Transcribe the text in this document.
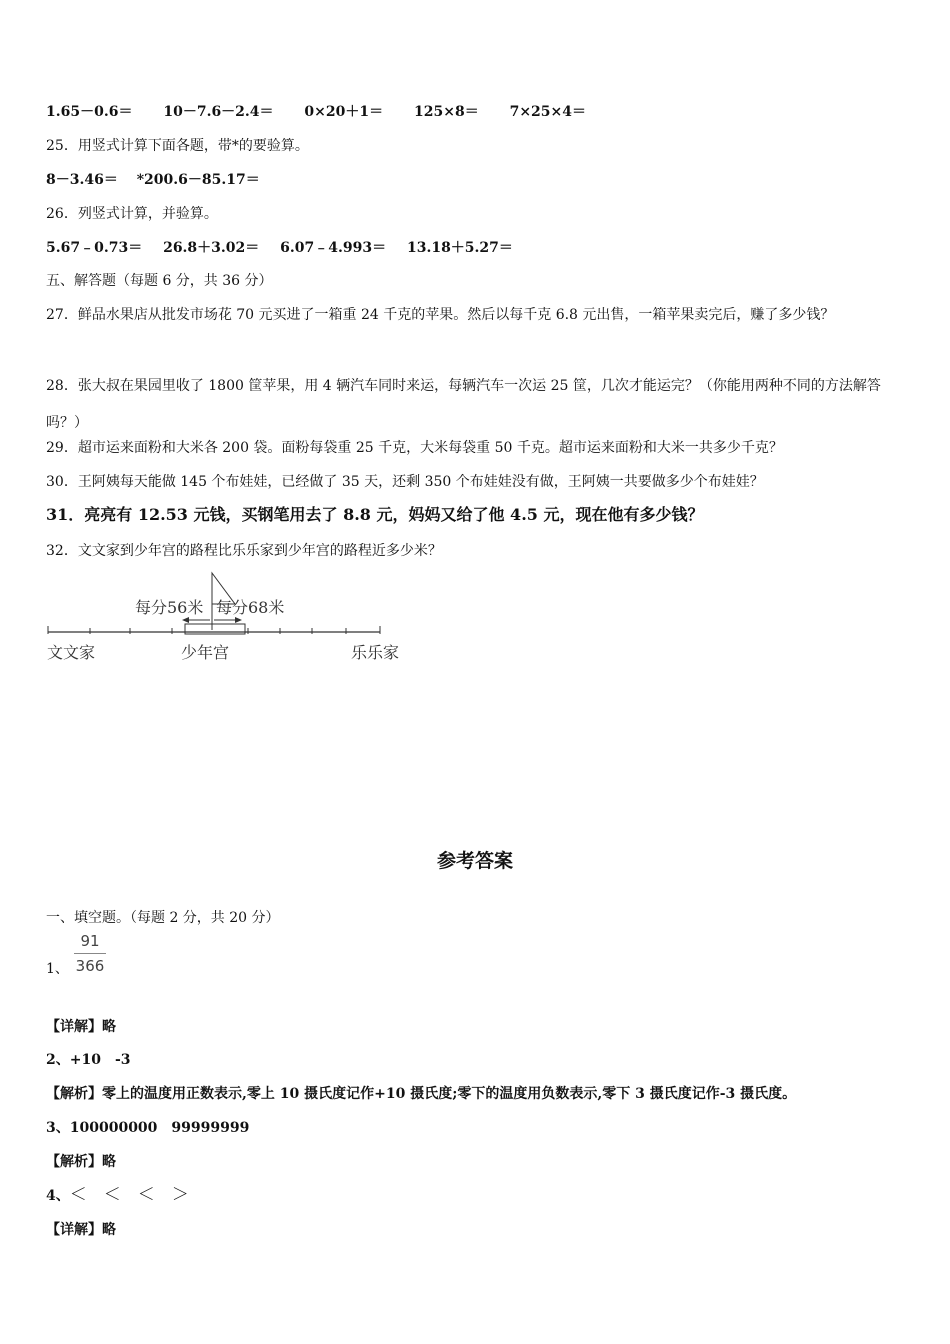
1.65－0.6＝ 10－7.6－2.4＝ 0×20＋1＝ 125×8＝ 7×25×4＝
25．用竖式计算下面各题，带*的要验算。
8－3.46＝ *200.6－85.17＝
26．列竖式计算，并验算。
5.67﹣0.73＝ 26.8＋3.02＝ 6.07﹣4.993＝ 13.18＋5.27＝
五、解答题（每题 6 分，共 36 分）
27．鲜品水果店从批发市场花 70 元买进了一箱重 24 千克的苹果。然后以每千克 6.8 元出售，一箱苹果卖完后，赚了多少钱？
28．张大叔在果园里收了 1800 筐苹果，用 4 辆汽车同时来运，每辆汽车一次运 25 筐，几次才能运完？（你能用两种不同的方法解答吗？）
29．超市运来面粉和大米各 200 袋。面粉每袋重 25 千克，大米每袋重 50 千克。超市运来面粉和大米一共多少千克？
30．王阿姨每天能做 145 个布娃娃，已经做了 35 天，还剩 350 个布娃娃没有做，王阿姨一共要做多少个布娃娃？
31．亮亮有 12.53 元钱，买钢笔用去了 8.8 元，妈妈又给了他 4.5 元，现在他有多少钱？
32．文文家到少年宫的路程比乐乐家到少年宫的路程近多少米？
每分56米 每分68米
文文家	少年宫	乐乐家
参考答案
一、填空题。（每题 2 分，共 20 分）
1、
91
366
【详解】略
2、+10　-3
【解析】零上的温度用正数表示,零上 10 摄氏度记作+10 摄氏度;零下的温度用负数表示,零下 3 摄氏度记作-3 摄氏度。
3、100000000　99999999
【解析】略
4、＜　＜　＜　＞
【详解】略
